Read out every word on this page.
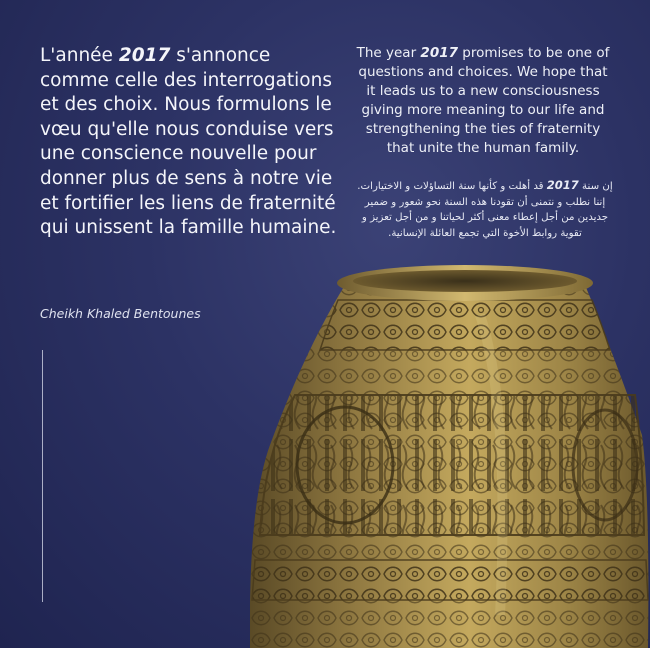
L'année 2017 s'annonce comme celle des interrogations et des choix. Nous formulons le vœu qu'elle nous conduise vers une conscience nouvelle pour donner plus de sens à notre vie et fortifier les liens de fraternité qui unissent la famille humaine.
Cheikh Khaled Bentounes
The year 2017 promises to be one of questions and choices. We hope that it leads us to a new consciousness giving more meaning to our life and strengthening the ties of fraternity that unite the human family.
إن سنة 2017 قد أهلت و كأنها سنة التساؤلات و الاختيارات. إننا نطلب و نتمنى أن تقودنا هذه السنة نحو شعور و ضمير جديدين من أجل إعطاء معنى أكثر لحياتنا و من أجل تعزيز و تقوية روابط الأخوة التي تجمع العائلة الإنسانية.
